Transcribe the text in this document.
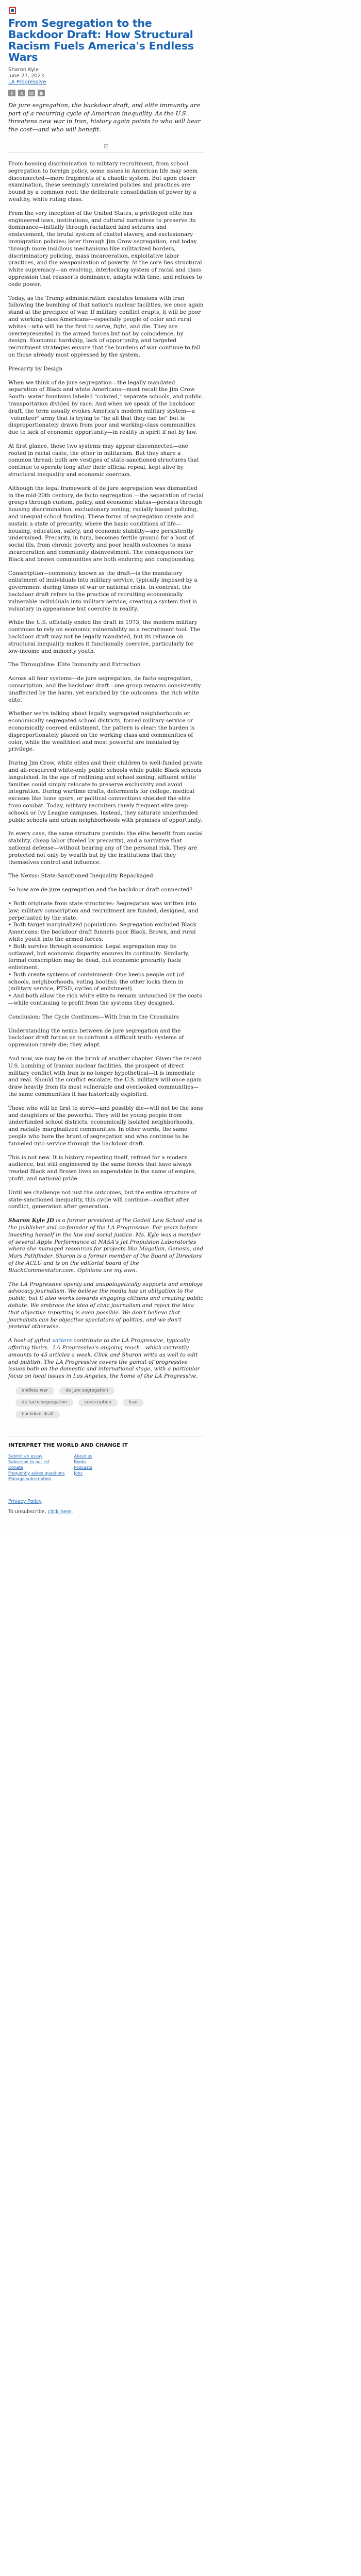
From Segregation to the Backdoor Draft: How Structural Racism Fuels America's Endless Wars
Sharon Kyle
June 27, 2023
LA Progressive

De jure segregation, the backdoor draft, and elite immunity are part of a recurring cycle of American inequality. As the U.S. threatens new war in Iran, history again points to who will bear the cost—and who will benefit.

From housing discrimination to military recruitment, from school segregation to foreign policy, some issues in American life may seem disconnected—mere fragments of a chaotic system. But upon closer examination, these seemingly unrelated policies and practices are bound by a common root: the deliberate consolidation of power by a wealthy, white ruling class.

From the very inception of the United States, a privileged elite has engineered laws, institutions, and cultural narratives to preserve its dominance—initially through racialized land seizures and enslavement, the brutal system of chattel slavery, and exclusionary immigration policies; later through Jim Crow segregation, and today through more insidious mechanisms like militarized borders, discriminatory policing, mass incarceration, exploitative labor practices, and the weaponization of poverty. At the core lies structural white supremacy—an evolving, interlocking system of racial and class oppression that reasserts dominance, adapts with time, and refuses to cede power.

Today, as the Trump administration escalates tensions with Iran following the bombing of that nation's nuclear facilities, we once again stand at the precipice of war. If military conflict erupts, it will be poor and working-class Americans—especially people of color and rural whites—who will be the first to serve, fight, and die. They are overrepresented in the armed forces but not by coincidence, by design. Economic hardship, lack of opportunity, and targeted recruitment strategies ensure that the burdens of war continue to fall on those already most oppressed by the system.

Precarity by Design

When we think of de jure segregation—the legally mandated separation of Black and white Americans—most recall the Jim Crow South: water fountains labeled "colored," separate schools, and public transportation divided by race. And when we speak of the backdoor draft, the term usually evokes America's modern military system—a "volunteer" army that is trying to "be all that they can be" but is disproportionately drawn from poor and working-class communities due to lack of economic opportunity—in reality in spirit if not by law.

At first glance, these two systems may appear disconnected—one rooted in racial caste, the other in militarism. But they share a common thread: both are vestiges of state-sanctioned structures that continue to operate long after their official repeal, kept alive by structural inequality and economic coercion.

Although the legal framework of de jure segregation was dismantled in the mid-20th century, de facto segregation —the separation of racial groups through custom, policy, and economic status—persists through housing discrimination, exclusionary zoning, racially biased policing, and unequal school funding. These forms of segregation create and sustain a state of precarity, where the basic conditions of life—housing, education, safety, and economic stability—are persistently undermined. Precarity, in turn, becomes fertile ground for a host of social ills, from chronic poverty and poor health outcomes to mass incarceration and community disinvestment. The consequences for Black and brown communities are both enduring and compounding.

Conscription—commonly known as the draft—is the mandatory enlistment of individuals into military service, typically imposed by a government during times of war or national crisis. In contrast, the backdoor draft refers to the practice of recruiting economically vulnerable individuals into military service, creating a system that is voluntary in appearance but coercive in reality.

While the U.S. officially ended the draft in 1973, the modern military continues to rely on economic vulnerability as a recruitment tool. The backdoor draft may not be legally mandated, but its reliance on structural inequality makes it functionally coercive, particularly for low-income and minority youth.

The Throughline: Elite Immunity and Extraction

Across all four systems—de jure segregation, de facto segregation, conscription, and the backdoor draft—one group remains consistently unaffected by the harm, yet enriched by the outcomes: the rich white elite.

Whether we're talking about legally segregated neighborhoods or economically segregated school districts, forced military service or economically coerced enlistment, the pattern is clear: the burden is disproportionately placed on the working class and communities of color, while the wealthiest and most powerful are insulated by privilege.

During Jim Crow, white elites and their children to well-funded private and all-resourced white-only public schools while public Black schools languished. In the age of redlining and school zoning, affluent white families could simply relocate to preserve exclusivity and avoid integration. During wartime drafts, deferments for college, medical excuses like bone spurs, or political connections shielded the elite from combat. Today, military recruiters rarely frequent elite prep schools or Ivy League campuses. Instead, they saturate underfunded public schools and urban neighborhoods with promises of opportunity.

In every case, the same structure persists: the elite benefit from social stability, cheap labor (fueled by precarity), and a narrative that national defense—without bearing any of the personal risk. They are protected not only by wealth but by the institutions that they themselves control and influence.

The Nexus: State-Sanctioned Inequality Repackaged

So how are de jure segregation and the backdoor draft connected?

• Both originate from state structures: Segregation was written into law; military conscription and recruitment are funded, designed, and perpetuated by the state.
• Both target marginalized populations: Segregation excluded Black Americans; the backdoor draft funnels poor Black, Brown, and rural white youth into the armed forces.
• Both survive through economics: Legal segregation may be outlawed, but economic disparity ensures its continuity. Similarly, formal conscription may be dead, but economic precarity fuels enlistment.
• Both create systems of containment: One keeps people out (of schools, neighborhoods, voting booths); the other locks them in (military service, PTSD, cycles of enlistment).
• And both allow the rich white elite to remain untouched by the costs—while continuing to profit from the systems they designed.
Conclusion: The Cycle Continues—With Iran in the Crosshairs

Understanding the nexus between de jure segregation and the backdoor draft forces us to confront a difficult truth: systems of oppression rarely die; they adapt.

And now, we may be on the brink of another chapter. Given the recent U.S. bombing of Iranian nuclear facilities, the prospect of direct military conflict with Iran is no longer hypothetical—it is immediate and real. Should the conflict escalate, the U.S. military will once again draw heavily from its most vulnerable and overlooked communities—the same communities it has historically exploited.

Those who will be first to serve—and possibly die—will not be the sons and daughters of the powerful. They will be young people from underfunded school districts, economically isolated neighborhoods, and racially marginalized communities. In other words, the same people who bore the brunt of segregation and who continue to be funneled into service through the backdoor draft.

This is not new. It is history repeating itself, refined for a modern audience, but still engineered by the same forces that have always treated Black and Brown lives as expendable in the name of empire, profit, and national pride.

Until we challenge not just the outcomes, but the entire structure of state-sanctioned inequality, this cycle will continue—conflict after conflict, generation after generation.

Sharon Kyle JD is a former president of the Gedeil Law School and is the publisher and co-founder of the LA Progressive. For years before investing herself in the law and social justice. Ms. Kyle was a member of several Apple Performance at NASA's Jet Propulsion Laboratories where she managed resources for projects like Magellan, Genesis, and Mars Pathfinder. Sharon is a former member of the Board of Directors of the ACLU and is on the editorial board of the BlackCommentator.com. Opinions are my own.

The LA Progressive openly and unapologetically supports and employs advocacy journalism. We believe the media has an obligation to the public, but it also works towards engaging citizens and creating public debate. We embrace the idea of civic journalism and reject the idea that objective reporting is even possible. We don't believe that journalists can be objective spectators of politics, and we don't pretend otherwise.

A host of gifted writers contribute to the LA Progressive, typically offering theirs—LA Progressive's ongoing reach—which currently amounts to 45 articles a week. Click and Sharon write as well to edit and publish. The LA Progressive covers the gamut of progressive issues both on the domestic and international stage, with a particular focus on local issues in Los Angeles, the home of the LA Progressive.

endless war	de jure segregation
de facto segregation	conscription	Iran
backdoor draft
INTERPRET THE WORLD AND CHANGE IT
Submit an essay
Subscribe to our list
Donate
Frequently asked questions
Manage subscription
About us
Books
Podcasts
Jobs
Privacy Policy
To unsubscribe, click here.
